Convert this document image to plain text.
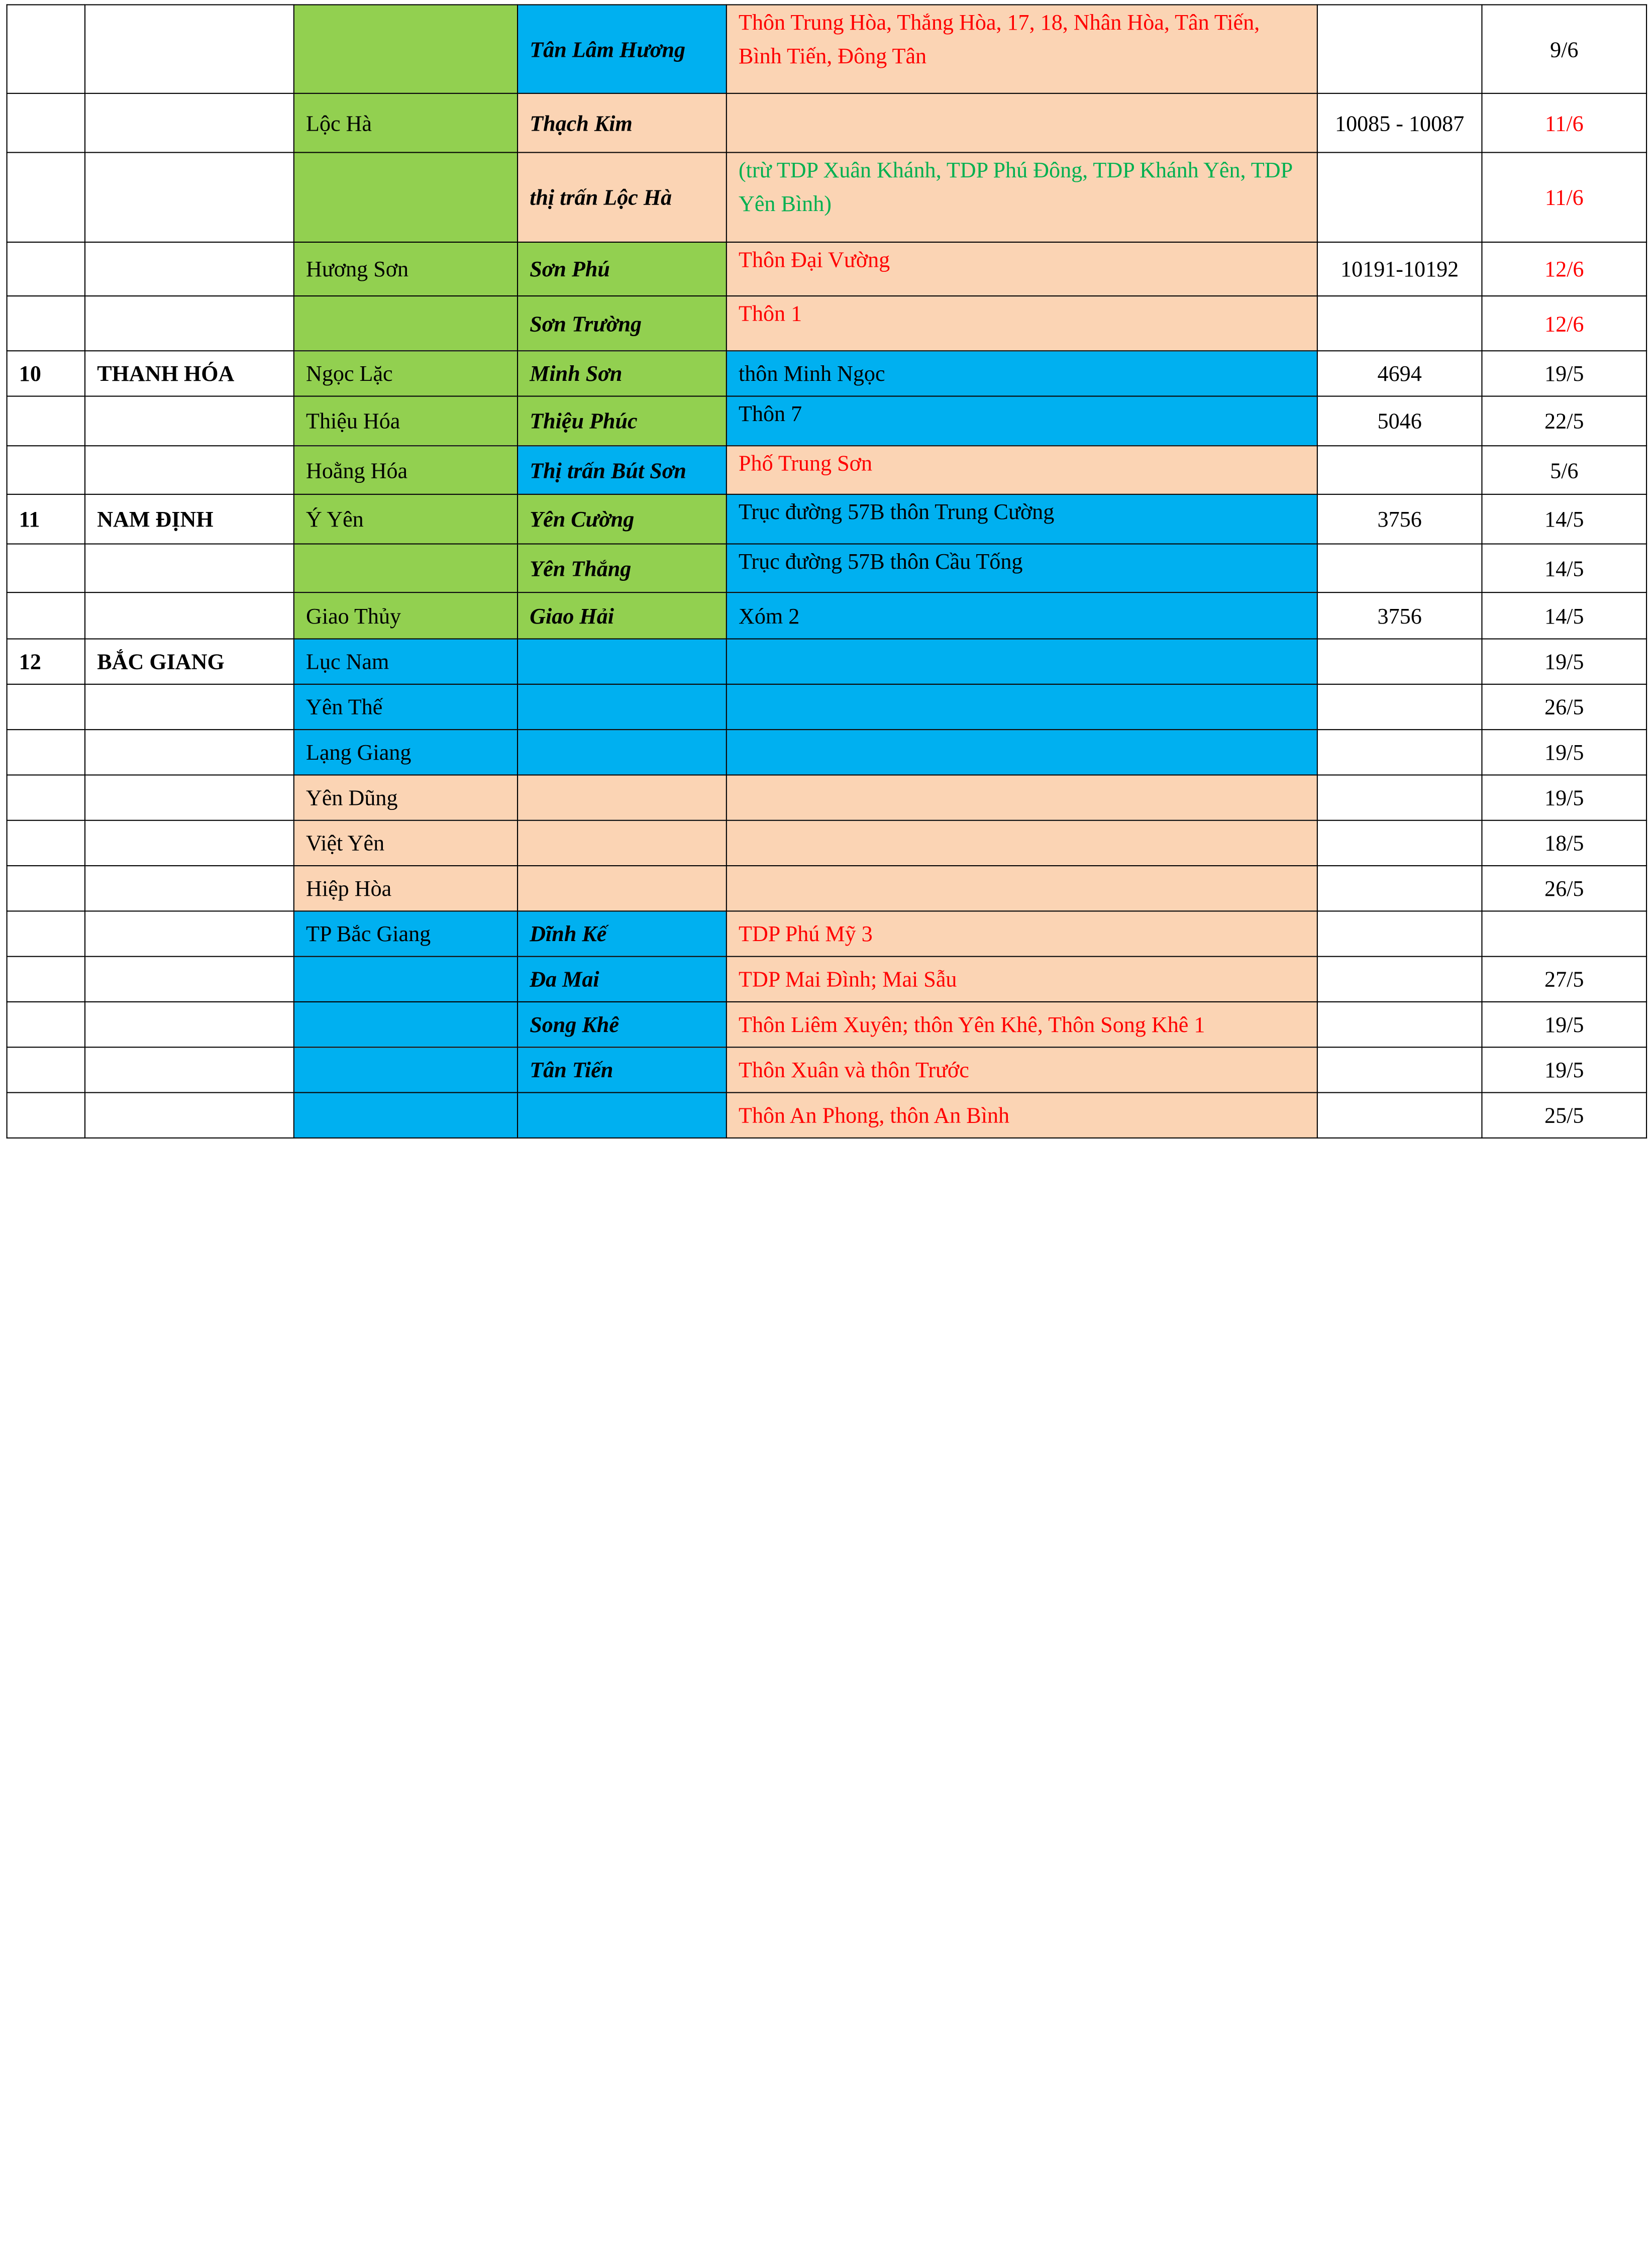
			Tân Lâm Hương	Thôn Trung Hòa, Thắng Hòa, 17, 18, Nhân Hòa, Tân Tiến, Bình Tiến, Đông Tân		9/6
		Lộc Hà	Thạch Kim		10085 - 10087	11/6
			thị trấn Lộc Hà	(trừ TDP Xuân Khánh, TDP Phú Đông, TDP Khánh Yên, TDP Yên Bình)		11/6
		Hương Sơn	Sơn Phú	Thôn Đại Vường	10191-10192	12/6
			Sơn Trường	Thôn 1		12/6
10	THANH HÓA	Ngọc Lặc	Minh Sơn	thôn Minh Ngọc	4694	19/5
		Thiệu Hóa	Thiệu Phúc	Thôn 7	5046	22/5
		Hoằng Hóa	Thị trấn Bút Sơn	Phố Trung Sơn		5/6
11	NAM ĐỊNH	Ý Yên	Yên Cường	Trục đường 57B thôn Trung Cường	3756	14/5
			Yên Thắng	Trục đường 57B thôn Cầu Tống		14/5
		Giao Thủy	Giao Hải	Xóm 2	3756	14/5
12	BẮC GIANG	Lục Nam				19/5
		Yên Thế				26/5
		Lạng Giang				19/5
		Yên Dũng				19/5
		Việt Yên				18/5
		Hiệp Hòa				26/5
		TP Bắc Giang	Dĩnh Kế	TDP Phú Mỹ 3		
			Đa Mai	TDP Mai Đình; Mai Sẫu		27/5
			Song Khê	Thôn Liêm Xuyên; thôn Yên Khê, Thôn Song Khê 1		19/5
			Tân Tiến	Thôn Xuân và thôn Trước		19/5
				Thôn An Phong, thôn An Bình		25/5
